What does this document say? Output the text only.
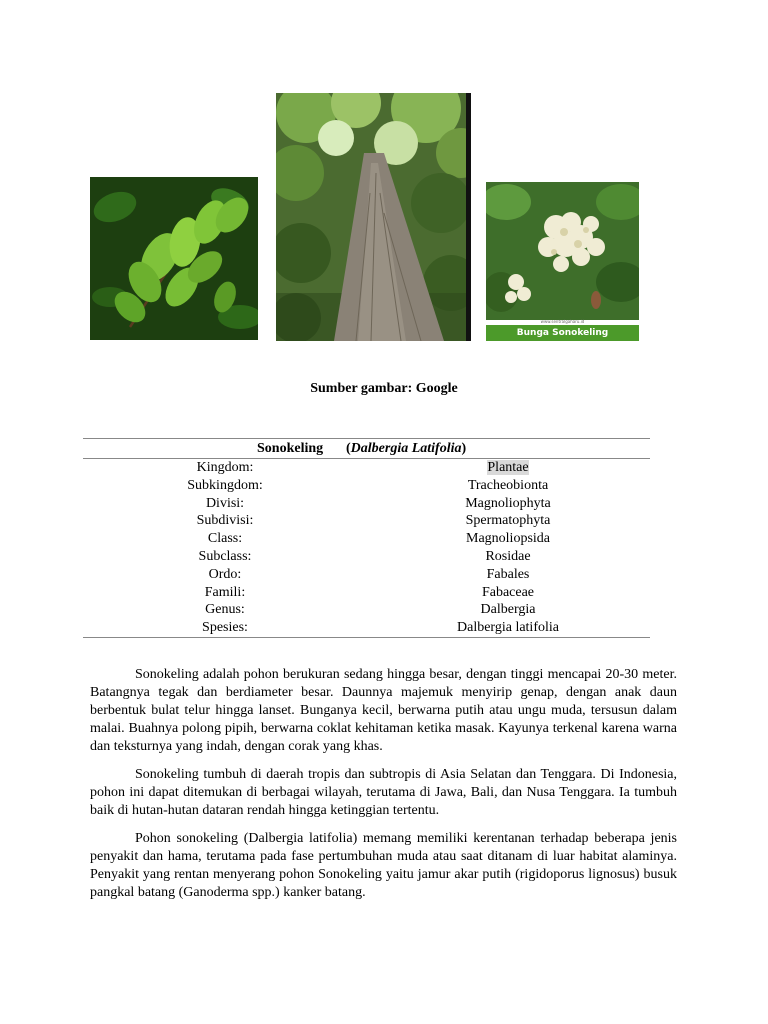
www.sentralgaharu.id
Bunga Sonokeling
Sumber gambar: Google
Sonokeling (Dalbergia Latifolia)
Kingdom:	Plantae
Subkingdom:	Tracheobionta
Divisi:	Magnoliophyta
Subdivisi:	Spermatophyta
Class:	Magnoliopsida
Subclass:	Rosidae
Ordo:	Fabales
Famili:	Fabaceae
Genus:	Dalbergia
Spesies:	Dalbergia latifolia

Sonokeling adalah pohon berukuran sedang hingga besar, dengan tinggi mencapai 20-30 meter. Batangnya tegak dan berdiameter besar. Daunnya majemuk menyirip genap, dengan anak daun berbentuk bulat telur hingga lanset. Bunganya kecil, berwarna putih atau ungu muda, tersusun dalam malai. Buahnya polong pipih, berwarna coklat kehitaman ketika masak. Kayunya terkenal karena warna dan teksturnya yang indah, dengan corak yang khas.

Sonokeling tumbuh di daerah tropis dan subtropis di Asia Selatan dan Tenggara. Di Indonesia, pohon ini dapat ditemukan di berbagai wilayah, terutama di Jawa, Bali, dan Nusa Tenggara. Ia tumbuh baik di hutan-hutan dataran rendah hingga ketinggian tertentu.

Pohon sonokeling (Dalbergia latifolia) memang memiliki kerentanan terhadap beberapa jenis penyakit dan hama, terutama pada fase pertumbuhan muda atau saat ditanam di luar habitat alaminya. Penyakit yang rentan menyerang pohon Sonokeling yaitu jamur akar putih (rigidoporus lignosus) busuk pangkal batang (Ganoderma spp.) kanker batang.
